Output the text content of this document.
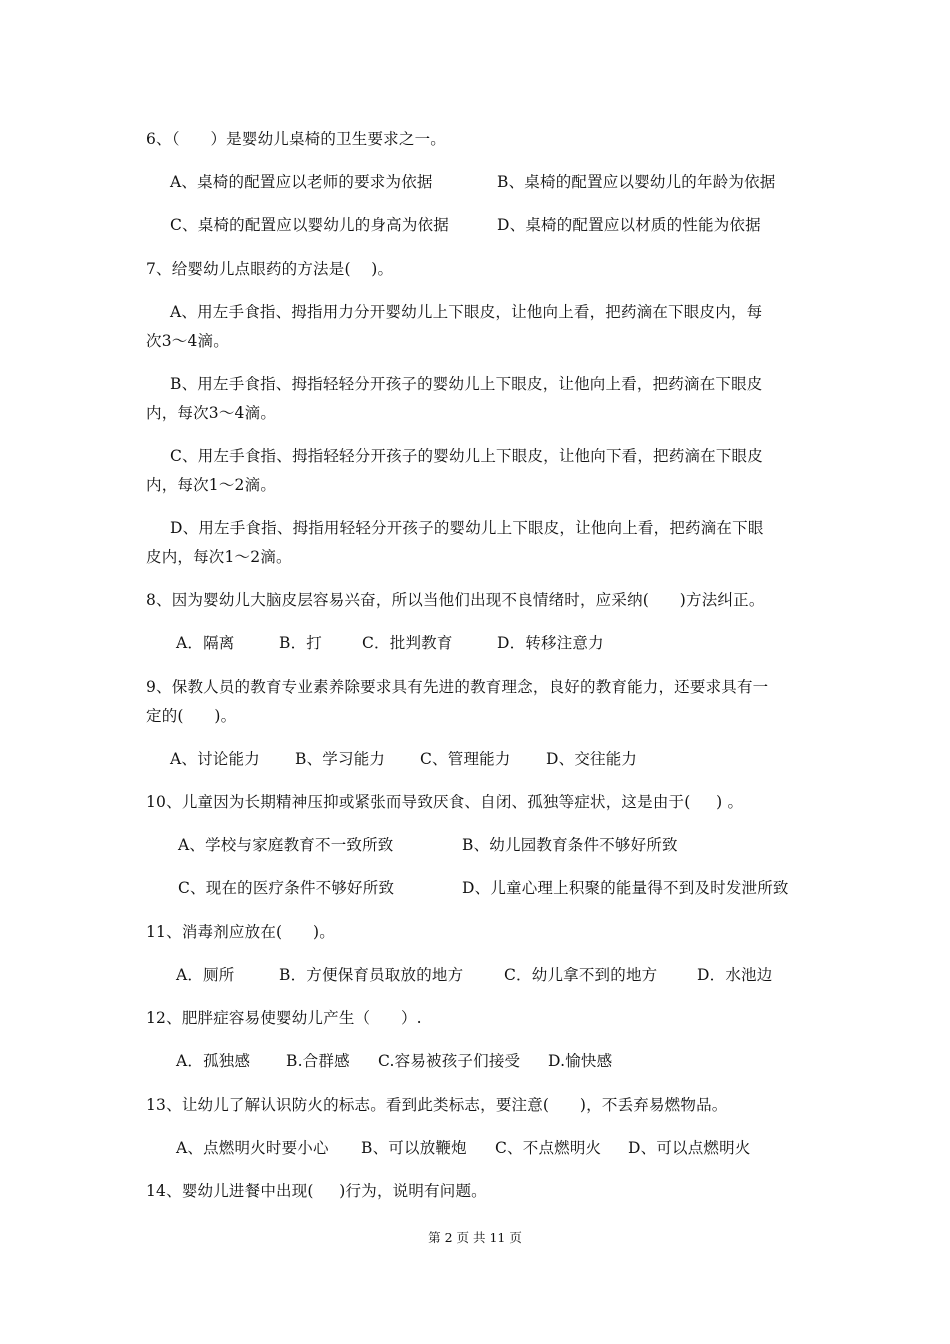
6、（      ）是婴幼儿桌椅的卫生要求之一。
A、桌椅的配置应以老师的要求为依据	B、桌椅的配置应以婴幼儿的年龄为依据
C、桌椅的配置应以婴幼儿的身高为依据	D、桌椅的配置应以材质的性能为依据
7、给婴幼儿点眼药的方法是(    )。
A、用左手食指、拇指用力分开婴幼儿上下眼皮，让他向上看，把药滴在下眼皮内，每
次3～4滴。
B、用左手食指、拇指轻轻分开孩子的婴幼儿上下眼皮，让他向上看，把药滴在下眼皮
内，每次3～4滴。
C、用左手食指、拇指轻轻分开孩子的婴幼儿上下眼皮，让他向下看，把药滴在下眼皮
内，每次1～2滴。
D、用左手食指、拇指用轻轻分开孩子的婴幼儿上下眼皮，让他向上看，把药滴在下眼
皮内，每次1～2滴。
8、因为婴幼儿大脑皮层容易兴奋，所以当他们出现不良情绪时，应采纳(      )方法纠正。
A．隔离	B．打	C．批判教育	D．转移注意力
9、保教人员的教育专业素养除要求具有先进的教育理念，良好的教育能力，还要求具有一
定的(      )。
A、讨论能力 B、学习能力 C、管理能力 D、交往能力
10、儿童因为长期精神压抑或紧张而导致厌食、自闭、孤独等症状，这是由于(     ) 。
A、学校与家庭教育不一致所致	B、幼儿园教育条件不够好所致
C、现在的医疗条件不够好所致	D、儿童心理上积聚的能量得不到及时发泄所致
11、消毒剂应放在(      )。
A．厕所	B．方便保育员取放的地方	C．幼儿拿不到的地方	D．水池边
12、肥胖症容易使婴幼儿产生（      ）.
A．孤独感 B.合群感 C.容易被孩子们接受 D.愉快感
13、让幼儿了解认识防火的标志。看到此类标志，要注意(      )，不丢弃易燃物品。
A、点燃明火时要小心 B、可以放鞭炮 C、不点燃明火 D、可以点燃明火
14、婴幼儿进餐中出现(     )行为，说明有问题。
第 2 页 共 11 页
